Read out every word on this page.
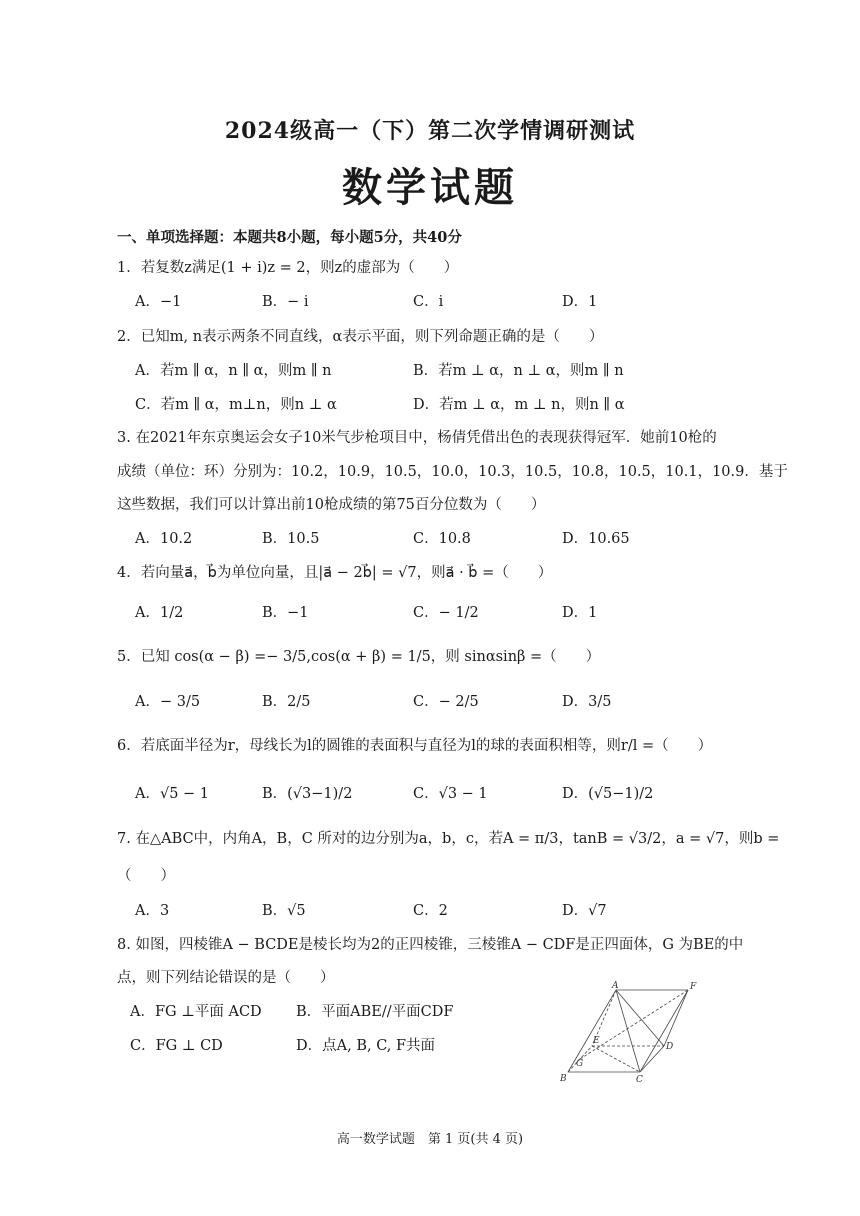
2024级高一（下）第二次学情调研测试
数学试题
一、单项选择题：本题共8小题，每小题5分，共40分
1．若复数z满足(1 + i)z = 2，则z的虚部为（　　）
A．−1	B．− i	C．i	D．1
2．已知m, n表示两条不同直线，α表示平面，则下列命题正确的是（　　）
A．若m ∥ α，n ∥ α，则m ∥ n	B．若m ⊥ α，n ⊥ α，则m ∥ n
C．若m ∥ α，m⊥n，则n ⊥ α	D．若m ⊥ α，m ⊥ n，则n ∥ α
3. 在2021年东京奥运会女子10米气步枪项目中，杨倩凭借出色的表现获得冠军．她前10枪的
成绩（单位：环）分别为：10.2，10.9，10.5，10.0，10.3，10.5，10.8，10.5，10.1，10.9．基于
这些数据，我们可以计算出前10枪成绩的第75百分位数为（　　）
A．10.2	B．10.5	C．10.8	D．10.65
4．若向量a⃗，b⃗为单位向量，且|a⃗ − 2b⃗| = √7，则a⃗ · b⃗ =（　　）
A．1/2	B．−1	C．− 1/2	D．1
5．已知 cos(α − β) =− 3/5,cos(α + β) = 1/5，则 sinαsinβ =（　　）
A．− 3/5	B．2/5	C．− 2/5	D．3/5
6．若底面半径为r，母线长为l的圆锥的表面积与直径为l的球的表面积相等，则r/l =（　　）
A．√5 − 1	B．(√3−1)/2	C．√3 − 1	D．(√5−1)/2
7. 在△ABC中，内角A，B，C 所对的边分别为a，b，c，若A = π/3，tanB = √3/2，a = √7，则b =
（　　）
A．3	B．√5	C．2	D．√7
8. 如图，四棱锥A − BCDE是棱长均为2的正四棱锥，三棱锥A − CDF是正四面体，G 为BE的中
点，则下列结论错误的是（　　）
A．FG ⊥平面 ACD B．平面ABE//平面CDF
C．FG ⊥ CD	D．点A, B, C, F共面
A	F
E
D
G
B	C
高一数学试题　第 1 页(共 4 页)
